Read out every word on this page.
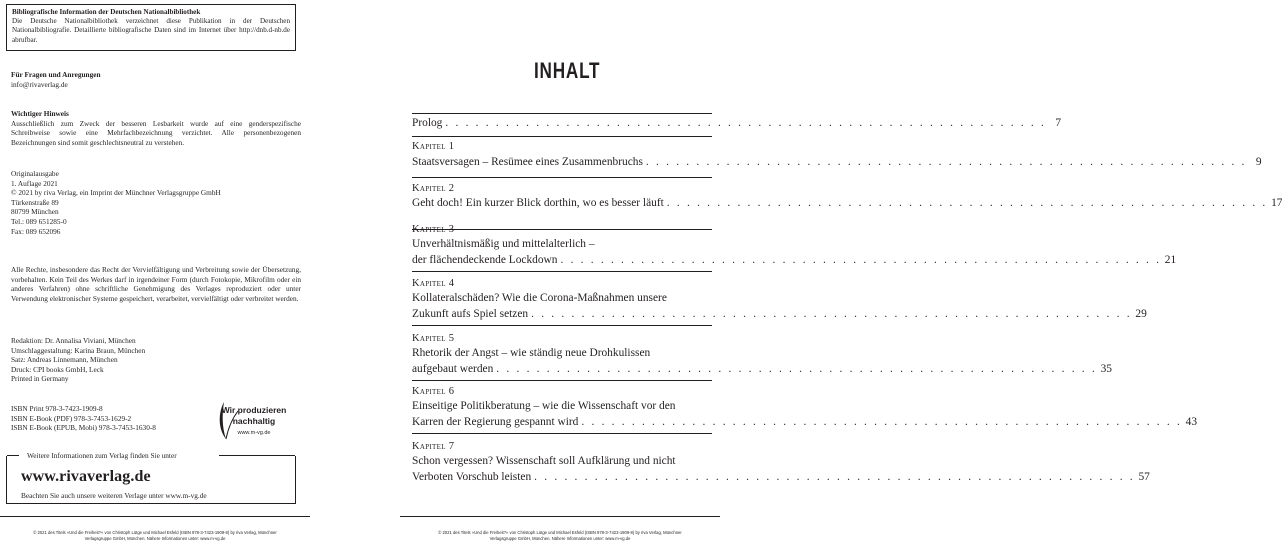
Bibliografische Information der Deutschen Nationalbibliothek
Die Deutsche Nationalbibliothek verzeichnet diese Publikation in der Deutschen Nationalbibliografie. Detaillierte bibliografische Daten sind im Internet über http://dnb.d-nb.de abrufbar.
Für Fragen und Anregungen
info@rivaverlag.de
Wichtiger Hinweis
Ausschließlich zum Zweck der besseren Lesbarkeit wurde auf eine genderspezifische Schreibweise sowie eine Mehrfachbezeichnung verzichtet. Alle personenbezogenen Bezeichnungen sind somit geschlechtsneutral zu verstehen.
Originalausgabe
1. Auflage 2021
© 2021 by riva Verlag, ein Imprint der Münchner Verlagsgruppe GmbH
Türkenstraße 89
80799 München
Tel.: 089 651285-0
Fax: 089 652096
Alle Rechte, insbesondere das Recht der Vervielfältigung und Verbreitung sowie der Übersetzung, vorbehalten. Kein Teil des Werkes darf in irgendeiner Form (durch Fotokopie, Mikrofilm oder ein anderes Verfahren) ohne schriftliche Genehmigung des Verlages reproduziert oder unter Verwendung elektronischer Systeme gespeichert, verarbeitet, vervielfältigt oder verbreitet werden.
Redaktion: Dr. Annalisa Viviani, München
Umschlaggestaltung: Karina Braun, München
Satz: Andreas Linnemann, München
Druck: CPI books GmbH, Leck
Printed in Germany
ISBN Print 978-3-7423-1909-8
ISBN E-Book (PDF) 978-3-7453-1629-2
ISBN E-Book (EPUB, Mobi) 978-3-7453-1630-8
Wir produzieren
nachhaltig
www.m-vg.de
Weitere Informationen zum Verlag finden Sie unter
www.rivaverlag.de
Beachten Sie auch unsere weiteren Verlage unter www.m-vg.de
© 2021 des Titels »Und die Freiheit?« von Christoph Lütge und Michael Esfeld (ISBN 978-3-7423-1909-8) by riva Verlag, Münchner Verlagsgruppe GmbH, München. Nähere Informationen unter: www.m-vg.de
INHALT
Prolog . . . . . . . . . . . . . . . . . . . . . . . . . . . . . . . . . . . . . . . . . . . . . . . . . . . . . . . . . . . . 7
Kapitel 1
Staatsversagen – Resümee eines Zusammenbruchs . . . . . . . . . . . . . . . . . . . . . . . . . . . . . . . . . . . . . . . . . . . . . . . . . . . . . . . . . . . . 9
Kapitel 2
Geht doch! Ein kurzer Blick dorthin, wo es besser läuft . . . . . . . . . . . . . . . . . . . . . . . . . . . . . . . . . . . . . . . . . . . . . . . . . . . . . . . . . . . . 17
Kapitel 3
Unverhältnismäßig und mittelalterlich –
der flächendeckende Lockdown . . . . . . . . . . . . . . . . . . . . . . . . . . . . . . . . . . . . . . . . . . . . . . . . . . . . . . . . . . . . 21
Kapitel 4
Kollateralschäden? Wie die Corona-Maßnahmen unsere
Zukunft aufs Spiel setzen . . . . . . . . . . . . . . . . . . . . . . . . . . . . . . . . . . . . . . . . . . . . . . . . . . . . . . . . . . . . 29
Kapitel 5
Rhetorik der Angst – wie ständig neue Drohkulissen
aufgebaut werden . . . . . . . . . . . . . . . . . . . . . . . . . . . . . . . . . . . . . . . . . . . . . . . . . . . . . . . . . . . . 35
Kapitel 6
Einseitige Politikberatung – wie die Wissenschaft vor den
Karren der Regierung gespannt wird . . . . . . . . . . . . . . . . . . . . . . . . . . . . . . . . . . . . . . . . . . . . . . . . . . . . . . . . . . . . 43
Kapitel 7
Schon vergessen? Wissenschaft soll Aufklärung und nicht
Verboten Vorschub leisten . . . . . . . . . . . . . . . . . . . . . . . . . . . . . . . . . . . . . . . . . . . . . . . . . . . . . . . . . . . . 57
© 2021 des Titels »Und die Freiheit?« von Christoph Lütge und Michael Esfeld (ISBN 978-3-7423-1909-8) by riva Verlag, Münchner Verlagsgruppe GmbH, München. Nähere Informationen unter: www.m-vg.de
